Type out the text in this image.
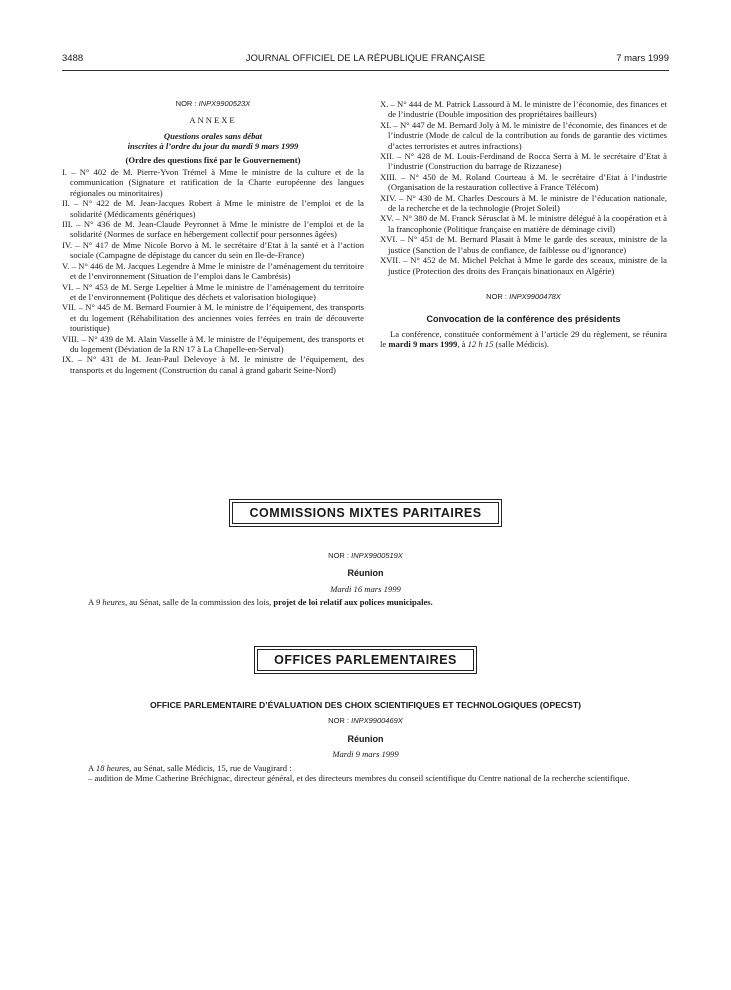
3488	JOURNAL OFFICIEL DE LA RÉPUBLIQUE FRANÇAISE	7 mars 1999
NOR : INPX9900523X
ANNEXE
Questions orales sans débat
inscrites à l’ordre du jour du mardi 9 mars 1999
(Ordre des questions fixé par le Gouvernement)

I. – N° 402 de M. Pierre-Yvon Trémel à Mme le ministre de la culture et de la communication (Signature et ratification de la Charte européenne des langues régionales ou minoritaires)

II. – N° 422 de M. Jean-Jacques Robert à Mme le ministre de l’emploi et de la solidarité (Médicaments génériques)

III. – N° 436 de M. Jean-Claude Peyronnet à Mme le ministre de l’emploi et de la solidarité (Normes de surface en hébergement collectif pour personnes âgées)

IV. – N° 417 de Mme Nicole Borvo à M. le secrétaire d’Etat à la santé et à l’action sociale (Campagne de dépistage du cancer du sein en Ile-de-France)

V. – N° 446 de M. Jacques Legendre à Mme le ministre de l’aménagement du territoire et de l’environnement (Situation de l’emploi dans le Cambrésis)

VI. – N° 453 de M. Serge Lepeltier à Mme le ministre de l’aménagement du territoire et de l’environnement (Politique des déchets et valorisation biologique)

VII. – N° 445 de M. Bernard Fournier à M. le ministre de l’équipement, des transports et du logement (Réhabilitation des anciennes voies ferrées en train de découverte touristique)

VIII. – N° 439 de M. Alain Vasselle à M. le ministre de l’équipement, des transports et du logement (Déviation de la RN 17 à La Chapelle-en-Serval)

IX. – N° 431 de M. Jean-Paul Delevoye à M. le ministre de l’équipement, des transports et du logement (Construction du canal à grand gabarit Seine-Nord)

X. – N° 444 de M. Patrick Lassourd à M. le ministre de l’économie, des finances et de l’industrie (Double imposition des propriétaires bailleurs)

XI. – N° 447 de M. Bernard Joly à M. le ministre de l’économie, des finances et de l’industrie (Mode de calcul de la contribution au fonds de garantie des victimes d’actes terroristes et autres infractions)

XII. – N° 428 de M. Louis-Ferdinand de Rocca Serra à M. le secrétaire d’Etat à l’industrie (Construction du barrage de Rizzanese)

XIII. – N° 450 de M. Roland Courteau à M. le secrétaire d’Etat à l’industrie (Organisation de la restauration collective à France Télécom)

XIV. – N° 430 de M. Charles Descours à M. le ministre de l’éducation nationale, de la recherche et de la technologie (Projet Soleil)

XV. – N° 380 de M. Franck Sérusclat à M. le ministre délégué à la coopération et à la francophonie (Politique française en matière de déminage civil)

XVI. – N° 451 de M. Bernard Plasait à Mme le garde des sceaux, ministre de la justice (Sanction de l’abus de confiance, de faiblesse ou d’ignorance)

XVII. – N° 452 de M. Michel Pelchat à Mme le garde des sceaux, ministre de la justice (Protection des droits des Français binationaux en Algérie)

NOR : INPX9900478X
Convocation de la conférence des présidents
La conférence, constituée conformément à l’article 29 du règlement, se réunira le mardi 9 mars 1999, à 12 h 15 (salle Médicis).
COMMISSIONS MIXTES PARITAIRES
NOR : INPX9900519X
Réunion
Mardi 16 mars 1999
A 9 heures, au Sénat, salle de la commission des lois, projet de loi relatif aux polices municipales.
OFFICES PARLEMENTAIRES
OFFICE PARLEMENTAIRE D’ÉVALUATION DES CHOIX SCIENTIFIQUES ET TECHNOLOGIQUES (OPECST)
NOR : INPX9900469X
Réunion
Mardi 9 mars 1999
A 18 heures, au Sénat, salle Médicis, 15, rue de Vaugirard :
– audition de Mme Catherine Bréchignac, directeur général, et des directeurs membres du conseil scientifique du Centre national de la recherche scientifique.
